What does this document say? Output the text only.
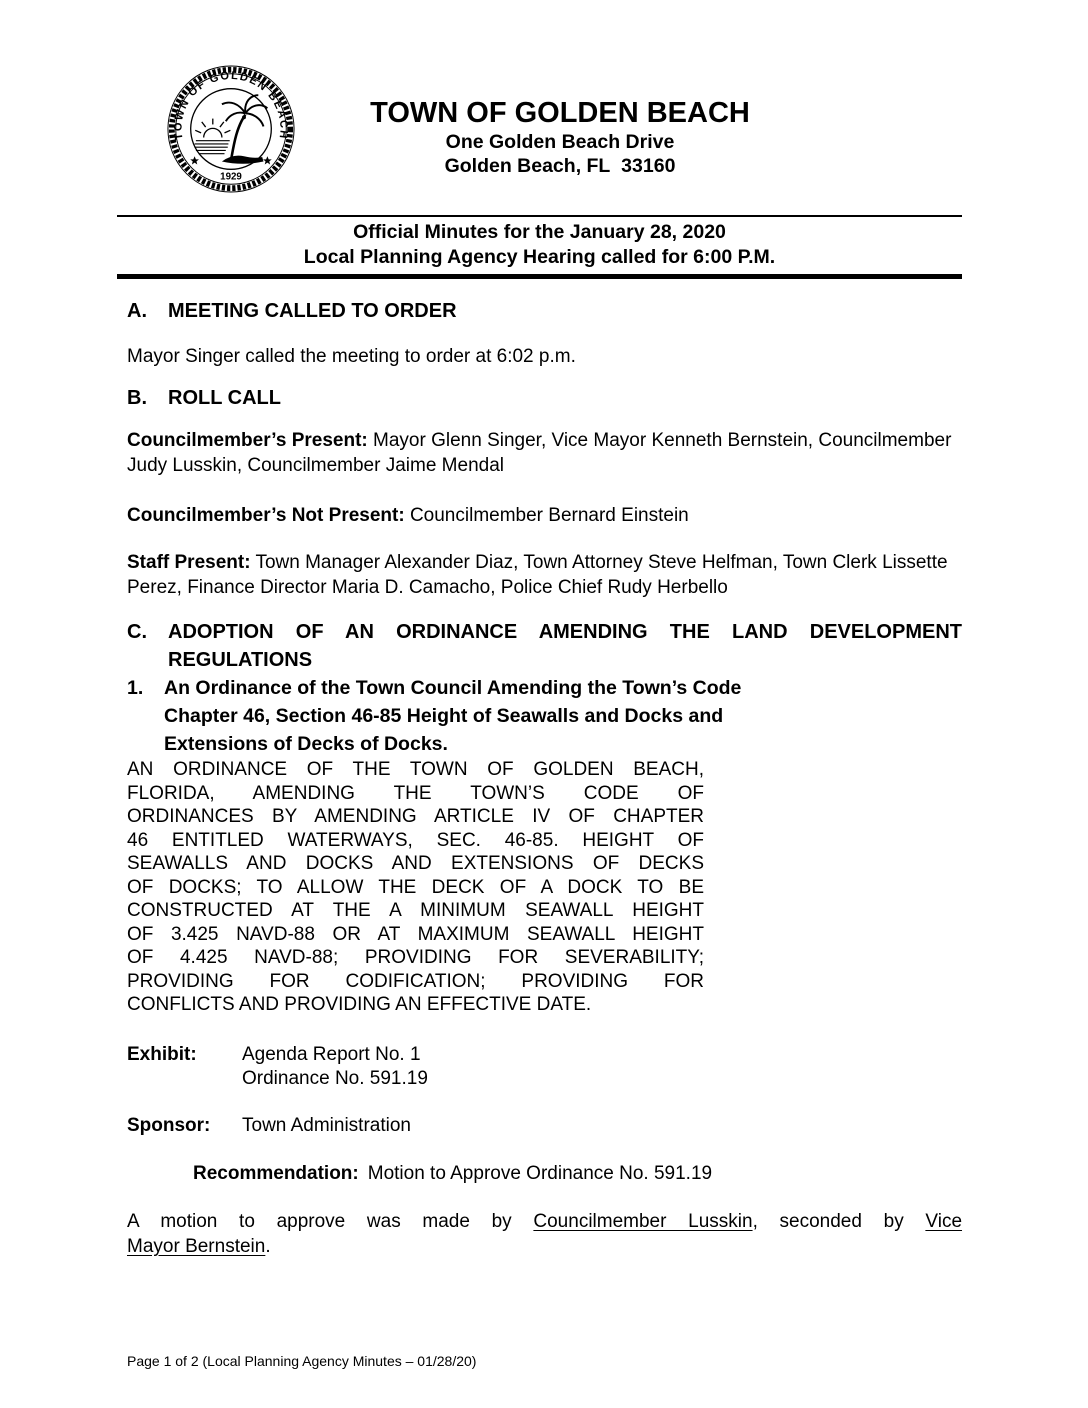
TOWN OF GOLDEN BEACH
1929
TOWN OF GOLDEN BEACH
One Golden Beach Drive
Golden Beach, FL  33160
Official Minutes for the January 28, 2020
Local Planning Agency Hearing called for 6:00 P.M.
A. MEETING CALLED TO ORDER

Mayor Singer called the meeting to order at 6:02 p.m.

B. ROLL CALL

Councilmember’s Present: Mayor Glenn Singer, Vice Mayor Kenneth Bernstein, Councilmember Judy Lusskin, Councilmember Jaime Mendal

Councilmember’s Not Present: Councilmember Bernard Einstein

Staff Present: Town Manager Alexander Diaz, Town Attorney Steve Helfman, Town Clerk Lissette Perez, Finance Director Maria D. Camacho, Police Chief Rudy Herbello

C. ADOPTION OF AN ORDINANCE AMENDING THE LAND DEVELOPMENT
REGULATIONS
1. An Ordinance of the Town Council Amending the Town’s Code
Chapter 46, Section 46-85 Height of Seawalls and Docks and
Extensions of Decks of Docks.
AN ORDINANCE OF THE TOWN OF GOLDEN BEACH,
FLORIDA, AMENDING THE TOWN’S CODE OF
ORDINANCES BY AMENDING ARTICLE IV OF CHAPTER
46 ENTITLED WATERWAYS, SEC. 46-85. HEIGHT OF
SEAWALLS AND DOCKS AND EXTENSIONS OF DECKS
OF DOCKS; TO ALLOW THE DECK OF A DOCK TO BE
CONSTRUCTED AT THE A MINIMUM SEAWALL HEIGHT
OF 3.425 NAVD-88 OR AT MAXIMUM SEAWALL HEIGHT
OF 4.425 NAVD-88; PROVIDING FOR SEVERABILITY;
PROVIDING FOR CODIFICATION; PROVIDING FOR
CONFLICTS AND PROVIDING AN EFFECTIVE DATE.
Exhibit:	Agenda Report No. 1
Ordinance No. 591.19
Sponsor:	Town Administration

Recommendation: Motion to Approve Ordinance No. 591.19

A motion to approve was made by Councilmember Lusskin, seconded by Vice
Mayor Bernstein.
Page 1 of 2 (Local Planning Agency Minutes – 01/28/20)
